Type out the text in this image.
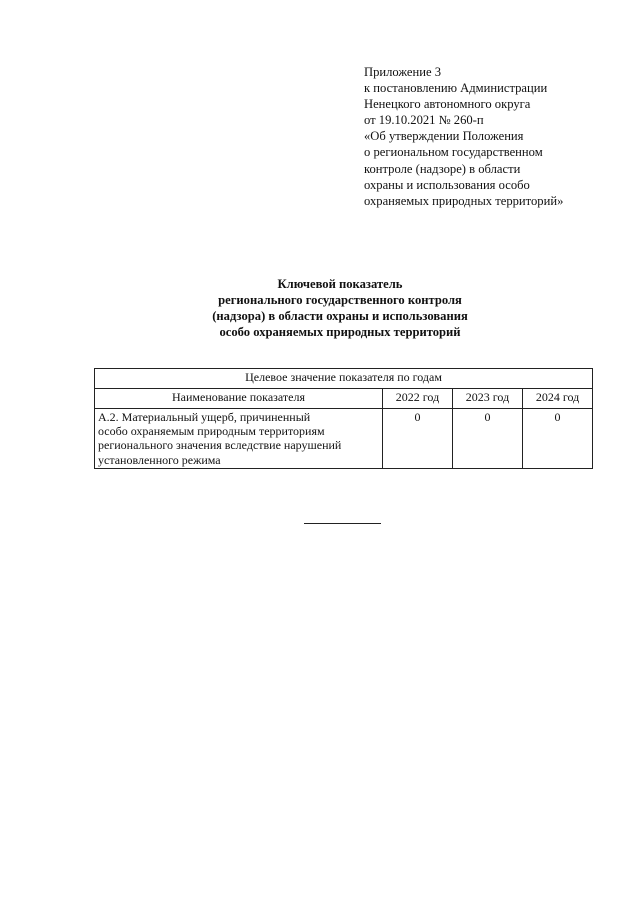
Приложение 3
к постановлению Администрации
Ненецкого автономного округа
от 19.10.2021 № 260-п
«Об утверждении Положения
о региональном государственном
контроле (надзоре) в области
охраны и использования особо
охраняемых природных территорий»
Ключевой показатель
регионального государственного контроля
(надзора) в области охраны и использования
особо охраняемых природных территорий
Целевое значение показателя по годам			
Наименование показателя	2022 год	2023 год	2024 год

А.2. Материальный ущерб, причиненный
особо охраняемым природным территориям
регионального значения вследствие нарушений
установленного режима	0	0	0
